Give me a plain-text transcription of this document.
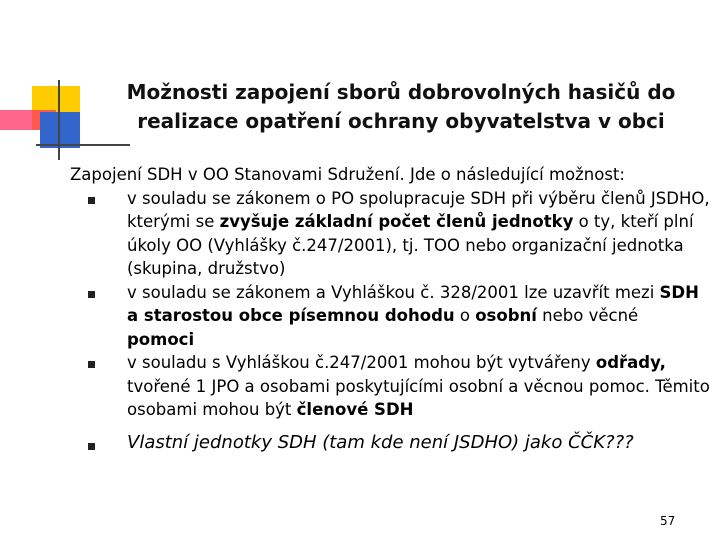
Možnosti zapojení sborů dobrovolných hasičů do
realizace opatření ochrany obyvatelstva v obci

Zapojení SDH v OO Stanovami Sdružení. Jde o následující možnost:

v souladu se zákonem o PO spolupracuje SDH při výběru členů JSDHO, kterými se zvyšuje základní počet členů jednotky o ty, kteří plní úkoly OO (Vyhlášky č.247/2001), tj. TOO nebo organizační jednotka (skupina, družstvo)
v souladu se zákonem a Vyhláškou č. 328/2001 lze uzavřít mezi SDH a starostou obce písemnou dohodu o osobní nebo věcné pomoci
v souladu s Vyhláškou č.247/2001 mohou být vytvářeny odřady, tvořené 1 JPO a osobami poskytujícími osobní a věcnou pomoc. Těmito osobami mohou být členové SDH
Vlastní jednotky SDH (tam kde není JSDHO) jako ČČK???
57
